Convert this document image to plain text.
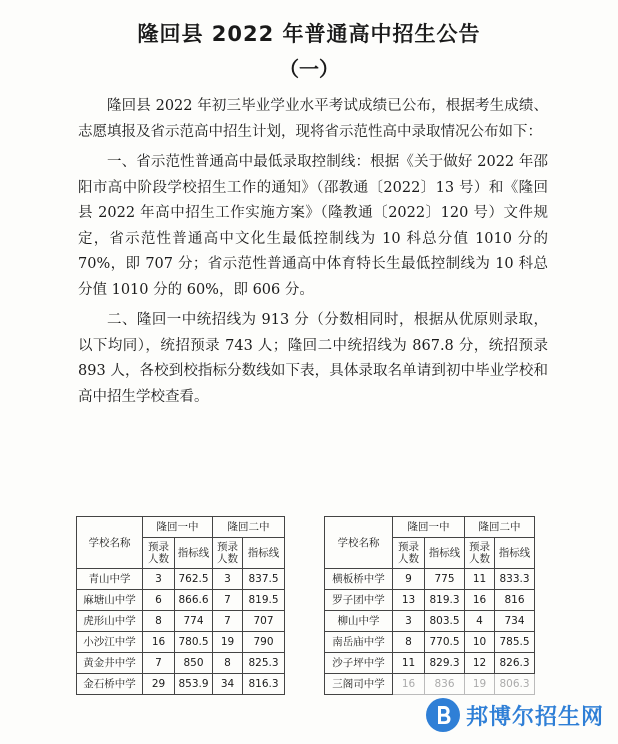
隆回县 2022 年普通高中招生公告
（一）

隆回县 2022 年初三毕业学业水平考试成绩已公布，根据考生成绩、志愿填报及省示范高中招生计划，现将省示范性高中录取情况公布如下：

一、省示范性普通高中最低录取控制线：根据《关于做好 2022 年邵阳市高中阶段学校招生工作的通知》（邵教通〔2022〕13 号）和《隆回县 2022 年高中招生工作实施方案》（隆教通〔2022〕120 号）文件规定，省示范性普通高中文化生最低控制线为 10 科总分值 1010 分的 70%，即 707 分；省示范性普通高中体育特长生最低控制线为 10 科总分值 1010 分的 60%，即 606 分。

二、隆回一中统招线为 913 分（分数相同时，根据从优原则录取，以下均同），统招预录 743 人；隆回二中统招线为 867.8 分，统招预录 893 人，各校到校指标分数线如下表，具体录取名单请到初中毕业学校和高中招生学校查看。

学校名称	隆回一中		隆回二中			学校名称	隆回一中		隆回二中	
	预录人数	指标线	预录人数	指标线			预录人数	指标线	预录人数	指标线
青山中学	3	762.5	3	837.5		横板桥中学	9	775	11	833.3
麻塘山中学	6	866.6	7	819.5		罗子团中学	13	819.3	16	816
虎形山中学	8	774	7	707		柳山中学	3	803.5	4	734
小沙江中学	16	780.5	19	790		南岳庙中学	8	770.5	10	785.5
黄金井中学	7	850	8	825.3		沙子坪中学	11	829.3	12	826.3
金石桥中学	29	853.9	34	816.3		三阁司中学	16	836	19	806.3
邦博尔招生网
